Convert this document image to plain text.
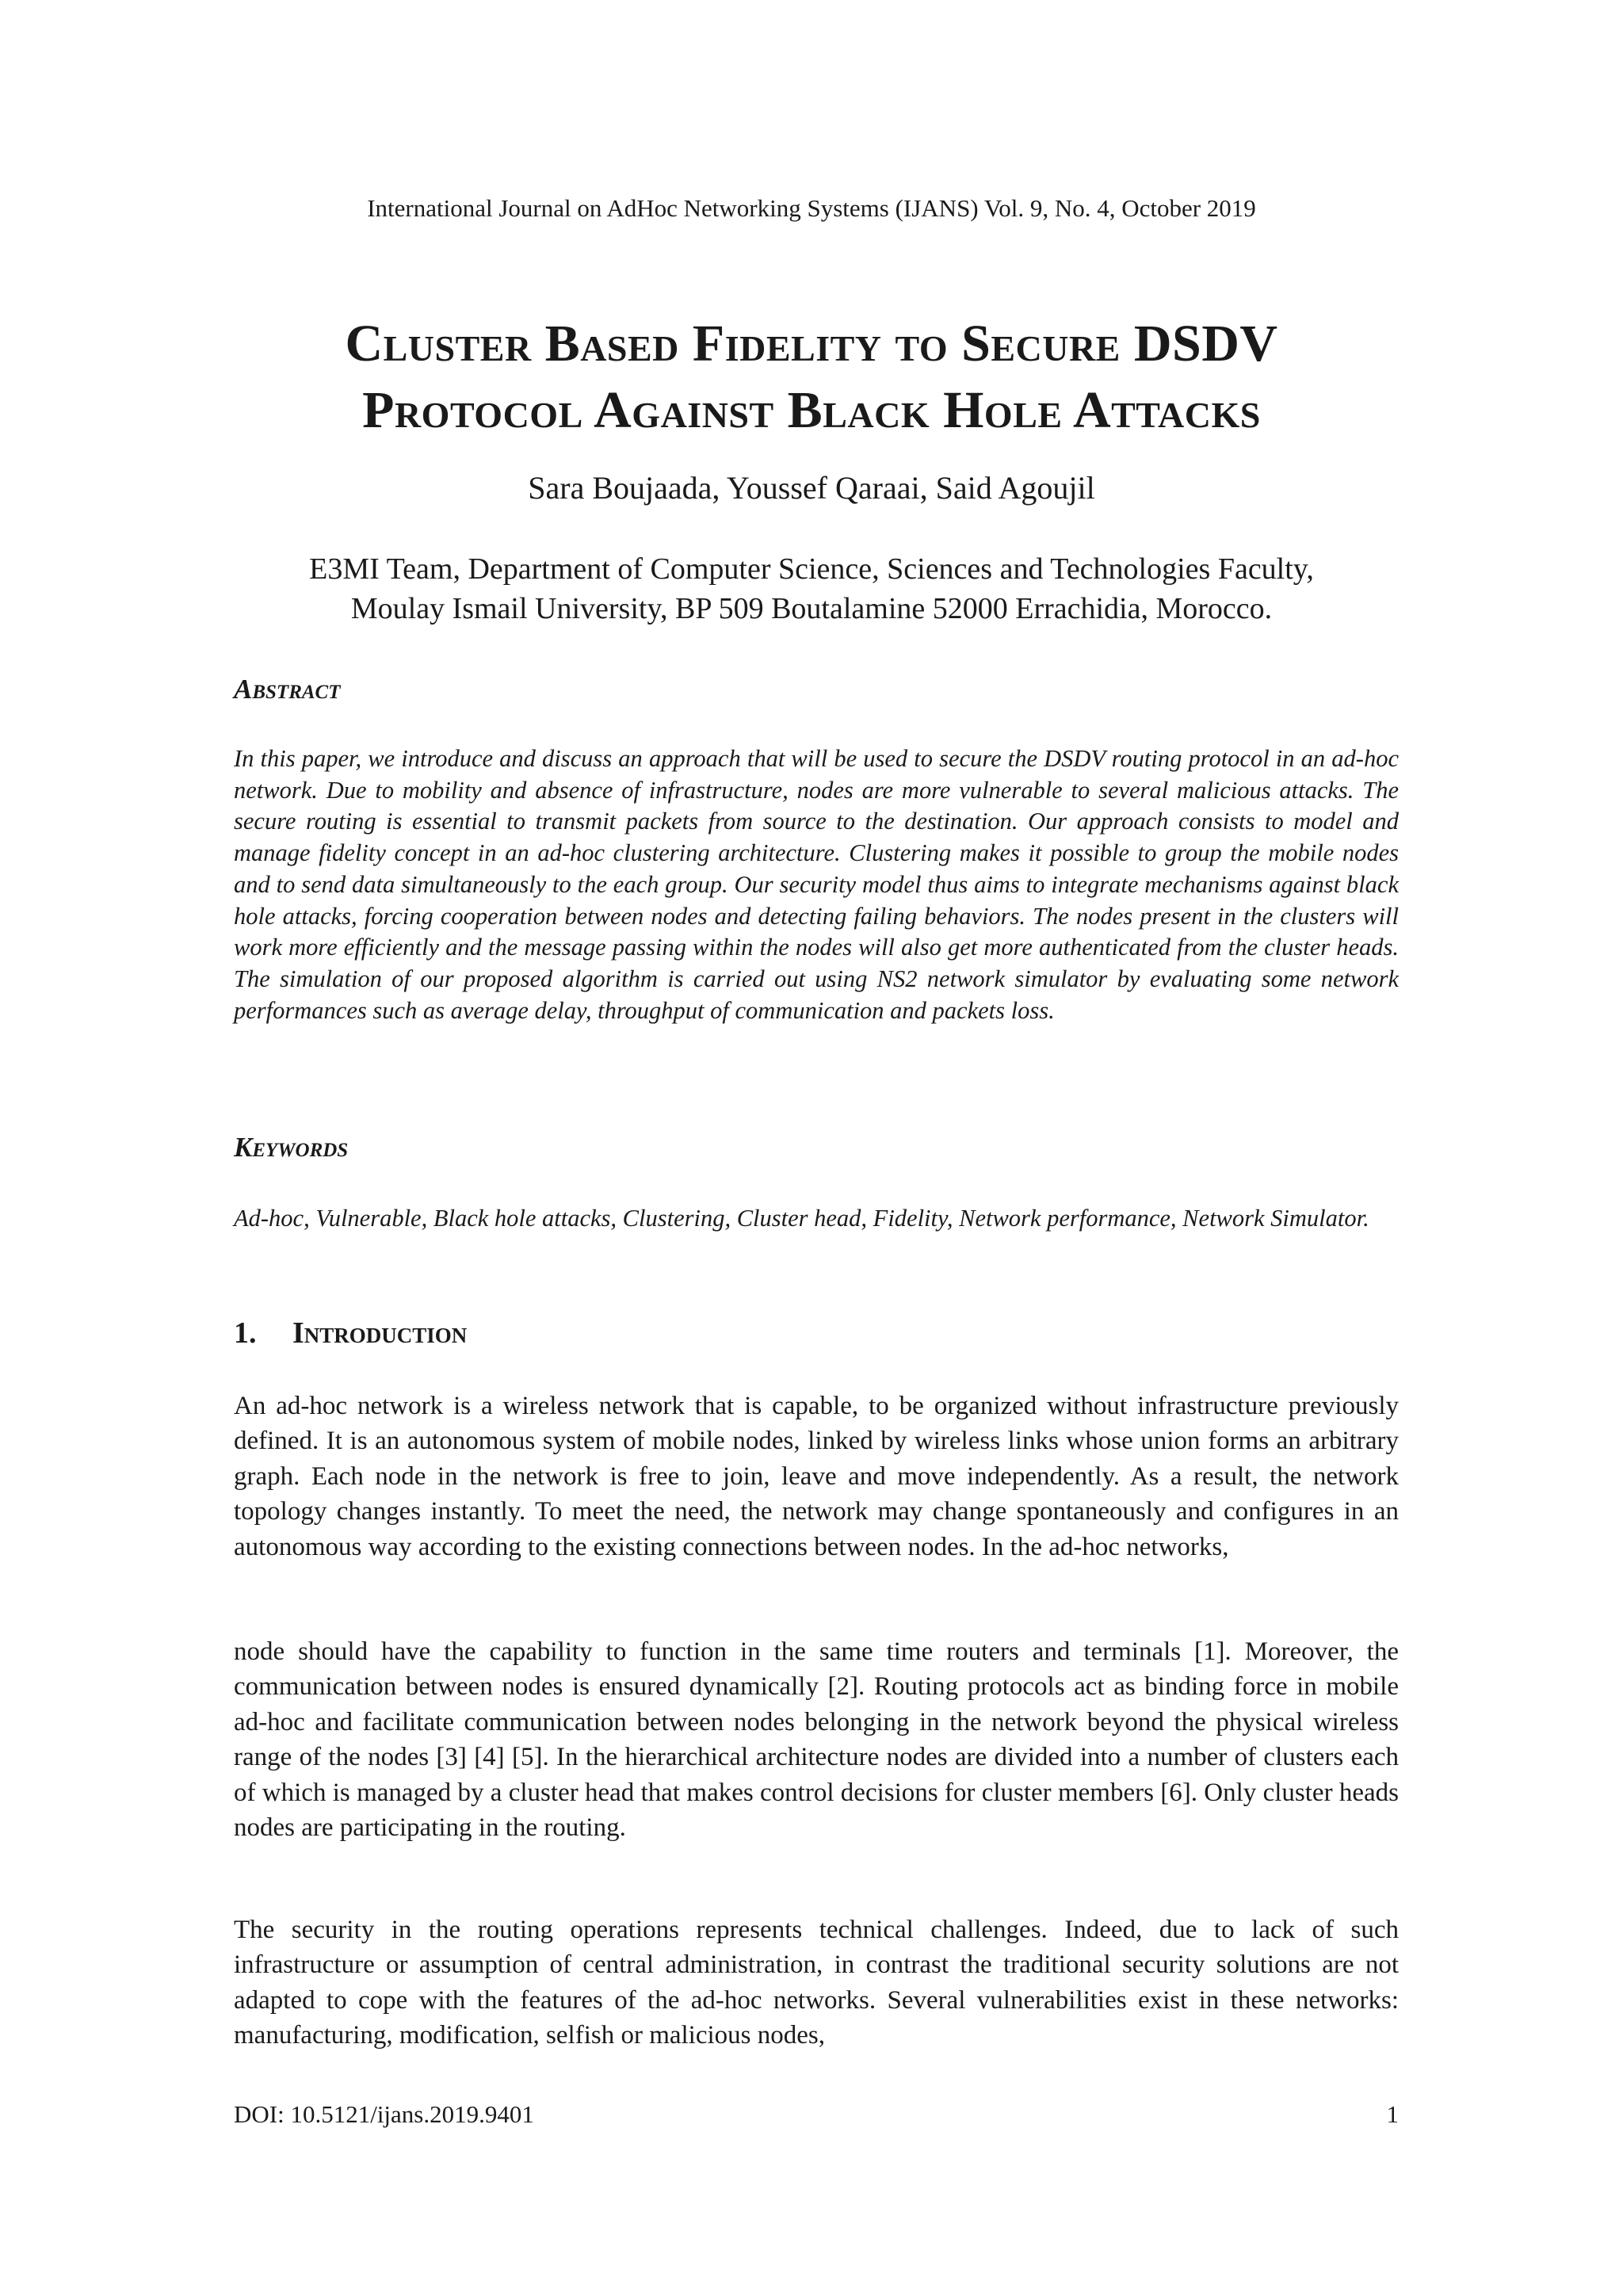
International Journal on AdHoc Networking Systems (IJANS) Vol. 9, No. 4, October 2019
Cluster Based Fidelity to Secure DSDV
Protocol Against Black Hole Attacks
Sara Boujaada, Youssef Qaraai, Said Agoujil
E3MI Team, Department of Computer Science, Sciences and Technologies Faculty,
Moulay Ismail University, BP 509 Boutalamine 52000 Errachidia, Morocco.
Abstract
In this paper, we introduce and discuss an approach that will be used to secure the DSDV routing protocol in an ad-hoc network. Due to mobility and absence of infrastructure, nodes are more vulnerable to several malicious attacks. The secure routing is essential to transmit packets from source to the destination. Our approach consists to model and manage fidelity concept in an ad-hoc clustering architecture. Clustering makes it possible to group the mobile nodes and to send data simultaneously to the each group. Our security model thus aims to integrate mechanisms against black hole attacks, forcing cooperation between nodes and detecting failing behaviors. The nodes present in the clusters will work more efficiently and the message passing within the nodes will also get more authenticated from the cluster heads. The simulation of our proposed algorithm is carried out using NS2 network simulator by evaluating some network performances such as average delay, throughput of communication and packets loss.
Keywords
Ad-hoc, Vulnerable, Black hole attacks, Clustering, Cluster head, Fidelity, Network performance, Network Simulator.
1. Introduction
An ad-hoc network is a wireless network that is capable, to be organized without infrastructure previously defined. It is an autonomous system of mobile nodes, linked by wireless links whose union forms an arbitrary graph. Each node in the network is free to join, leave and move independently. As a result, the network topology changes instantly. To meet the need, the network may change spontaneously and configures in an autonomous way according to the existing connections between nodes. In the ad-hoc networks,
node should have the capability to function in the same time routers and terminals [1]. Moreover, the communication between nodes is ensured dynamically [2]. Routing protocols act as binding force in mobile ad-hoc and facilitate communication between nodes belonging in the network beyond the physical wireless range of the nodes [3] [4] [5]. In the hierarchical architecture nodes are divided into a number of clusters each of which is managed by a cluster head that makes control decisions for cluster members [6]. Only cluster heads nodes are participating in the routing.
The security in the routing operations represents technical challenges. Indeed, due to lack of such infrastructure or assumption of central administration, in contrast the traditional security solutions are not adapted to cope with the features of the ad-hoc networks. Several vulnerabilities exist in these networks: manufacturing, modification, selfish or malicious nodes,
DOI: 10.5121/ijans.2019.9401	1
